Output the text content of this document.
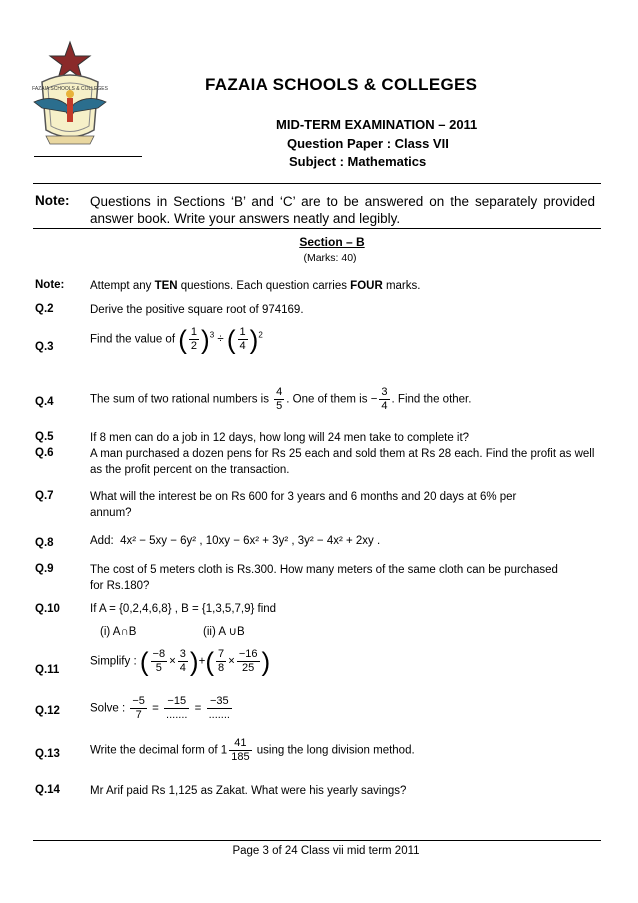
FAZAIA SCHOOLS & COLLEGES	FAZAIA SCHOOLS & COLLEGES
MID-TERM EXAMINATION – 2011
Question Paper : Class VII
Subject : Mathematics
Note: Questions in Sections ‘B’ and ‘C’ are to be answered on the separately provided answer book. Write your answers neatly and legibly.
Section – B
(Marks: 40)
Note: Attempt any TEN questions. Each question carries FOUR marks.
Q.2	Derive the positive square root of 974169.
Q.3
Find the value of ( $\frac{1}{2} )^3$ ÷ ( $\frac{1}{4} )^2$
Q.4	The sum of two rational numbers is $\frac{4}{5}$ . One of them is − $\frac{3}{4}$ . Find the other.
Q.5	If 8 men can do a job in 12 days, how long will 24 men take to complete it?
Q.6	A man purchased a dozen pens for Rs 25 each and sold them at Rs 28 each. Find the profit as well as the profit percent on the transaction.
Q.7	What will the interest be on Rs 600 for 3 years and 6 months and 20 days at 6% per annum?
Q.8	Add: 4x² − 5xy − 6y² , 10xy − 6x² + 3y² , 3y² − 4x² + 2xy .
Q.9	The cost of 5 meters cloth is Rs.300. How many meters of the same cloth can be purchased for Rs.180?
Q.10	If A = {0,2,4,6,8} , B = {1,3,5,7,9} find
(i) A∩B	(ii) A ∪B
Q.11
Simplify : ( $\frac{-8}{5} \times \frac{3}{4}$ )+( $\frac{7}{8} \times \frac{-16}{25}$ )
Q.12	Solve : $\frac{-5}{7} = \frac{-15}{.......} = \frac{-35}{.......}$
Q.13	Write the decimal form of $1 \frac{41}{185}$ using the long division method.
Q.14	Mr Arif paid Rs 1,125 as Zakat. What were his yearly savings?
Page 3 of 24 Class vii mid term 2011
